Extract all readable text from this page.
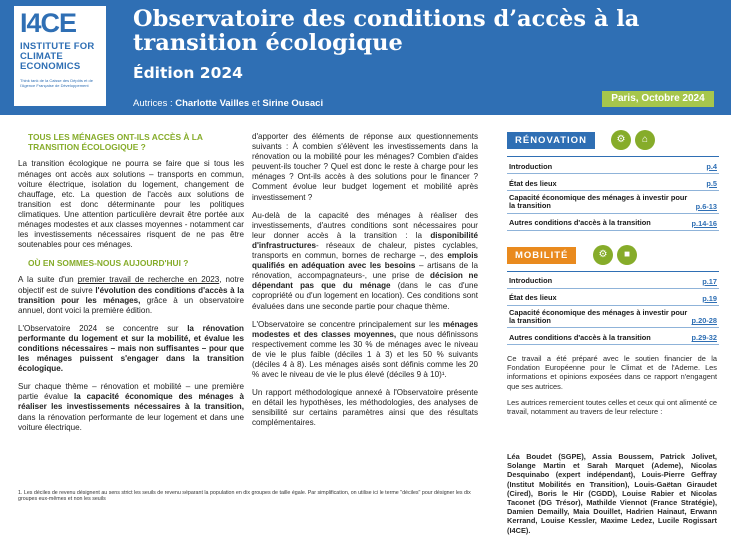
I4CE
INSTITUTE FOR
CLIMATE
ECONOMICS
Think tank de la Caisse des Dépôts et de l'Agence Française de Développement
Observatoire des conditions d’accès à la transition écologique
Édition 2024
Autrices : Charlotte Vailles et Sirine Ousaci	Paris, Octobre 2024
TOUS LES MÉNAGES ONT-ILS ACCÈS À LA TRANSITION ÉCOLOGIQUE ?

La transition écologique ne pourra se faire que si tous les ménages ont accès aux solutions – transports en commun, voiture électrique, isolation du logement, changement de chauffage, etc. La question de l'accès aux solutions de transition est donc déterminante pour les politiques climatiques. Une attention particulière devrait être portée aux ménages modestes et aux classes moyennes - notamment car les investissements nécessaires risquent de ne pas être soutenables pour ces ménages.

OÙ EN SOMMES-NOUS AUJOURD'HUI ?

A la suite d'un premier travail de recherche en 2023, notre objectif est de suivre l'évolution des conditions d'accès à la transition pour les ménages, grâce à un observatoire annuel, dont voici la première édition.

L'Observatoire 2024 se concentre sur la rénovation performante du logement et sur la mobilité, et évalue les conditions nécessaires – mais non suffisantes – pour que les ménages puissent s'engager dans la transition écologique.

Sur chaque thème – rénovation et mobilité – une première partie évalue la capacité économique des ménages à réaliser les investissements nécessaires à la transition, dans la rénovation performante de leur logement et dans une voiture électrique.

d'apporter des éléments de réponse aux questionnements suivants : À combien s'élèvent les investissements dans la rénovation ou la mobilité pour les ménages? Combien d'aides peuvent-ils toucher ? Quel est donc le reste à charge pour les ménages ? Ont-ils accès à des solutions pour le financer ? Comment évolue leur budget logement et mobilité après investissement ?

Au-delà de la capacité des ménages à réaliser des investissements, d'autres conditions sont nécessaires pour leur donner accès à la transition : la disponibilité d'infrastructures- réseaux de chaleur, pistes cyclables, transports en commun, bornes de recharge –, des emplois qualifiés en adéquation avec les besoins – artisans de la rénovation, accompagnateurs-, une prise de décision ne dépendant pas que du ménage (dans le cas d'une copropriété ou d'un logement en location). Ces conditions sont évaluées dans une seconde partie pour chaque thème.

L'Observatoire se concentre principalement sur les ménages modestes et des classes moyennes, que nous définissons respectivement comme les 30 % de ménages avec le niveau de vie le plus faible (déciles 1 à 3) et les 50 % suivants (déciles 4 à 8). Les ménages aisés sont définis comme les 20 % avec le niveau de vie le plus élevé (déciles 9 à 10)¹.

Un rapport méthodologique annexé à l'Observatoire présente en détail les hypothèses, les méthodologies, des analyses de sensibilité sur certains paramètres ainsi que des résultats complémentaires.

1. Les déciles de revenu désignent au sens strict les seuils de revenu séparant la population en dix groupes de taille égale. Par simplification, on utilise ici le terme "déciles" pour désigner les dix groupes eux-mêmes et non les seuils
RÉNOVATION	⚙	⌂
Introduction	p.4
État des lieux	p.5
Capacité économique des ménages à investir pour la transition	p.6-13
Autres conditions d'accès à la transition	p.14-16
MOBILITÉ	⚙	■
Introduction	p.17
État des lieux	p.19
Capacité économique des ménages à investir pour la transition	p.20-28
Autres conditions d'accès à la transition	p.29-32
Ce travail a été préparé avec le soutien financier de la Fondation Européenne pour le Climat et de l'Ademe. Les informations et opinions exposées dans ce rapport n'engagent que ses autrices.
Les autrices remercient toutes celles et ceux qui ont alimenté ce travail, notamment au travers de leur relecture :
Léa Boudet (SGPE), Assia Boussem, Patrick Jolivet, Solange Martin et Sarah Marquet (Ademe), Nicolas Desquinabo (expert indépendant), Louis-Pierre Geffray (Institut Mobilités en Transition), Louis-Gaëtan Giraudet (Cired), Boris le Hir (CGDD), Louise Rabier et Nicolas Taconet (DG Trésor), Mathilde Viennot (France Stratégie), Damien Demailly, Maia Douillet, Hadrien Hainaut, Erwann Kerrand, Louise Kessler, Maxime Ledez, Lucile Rogissart (I4CE).
